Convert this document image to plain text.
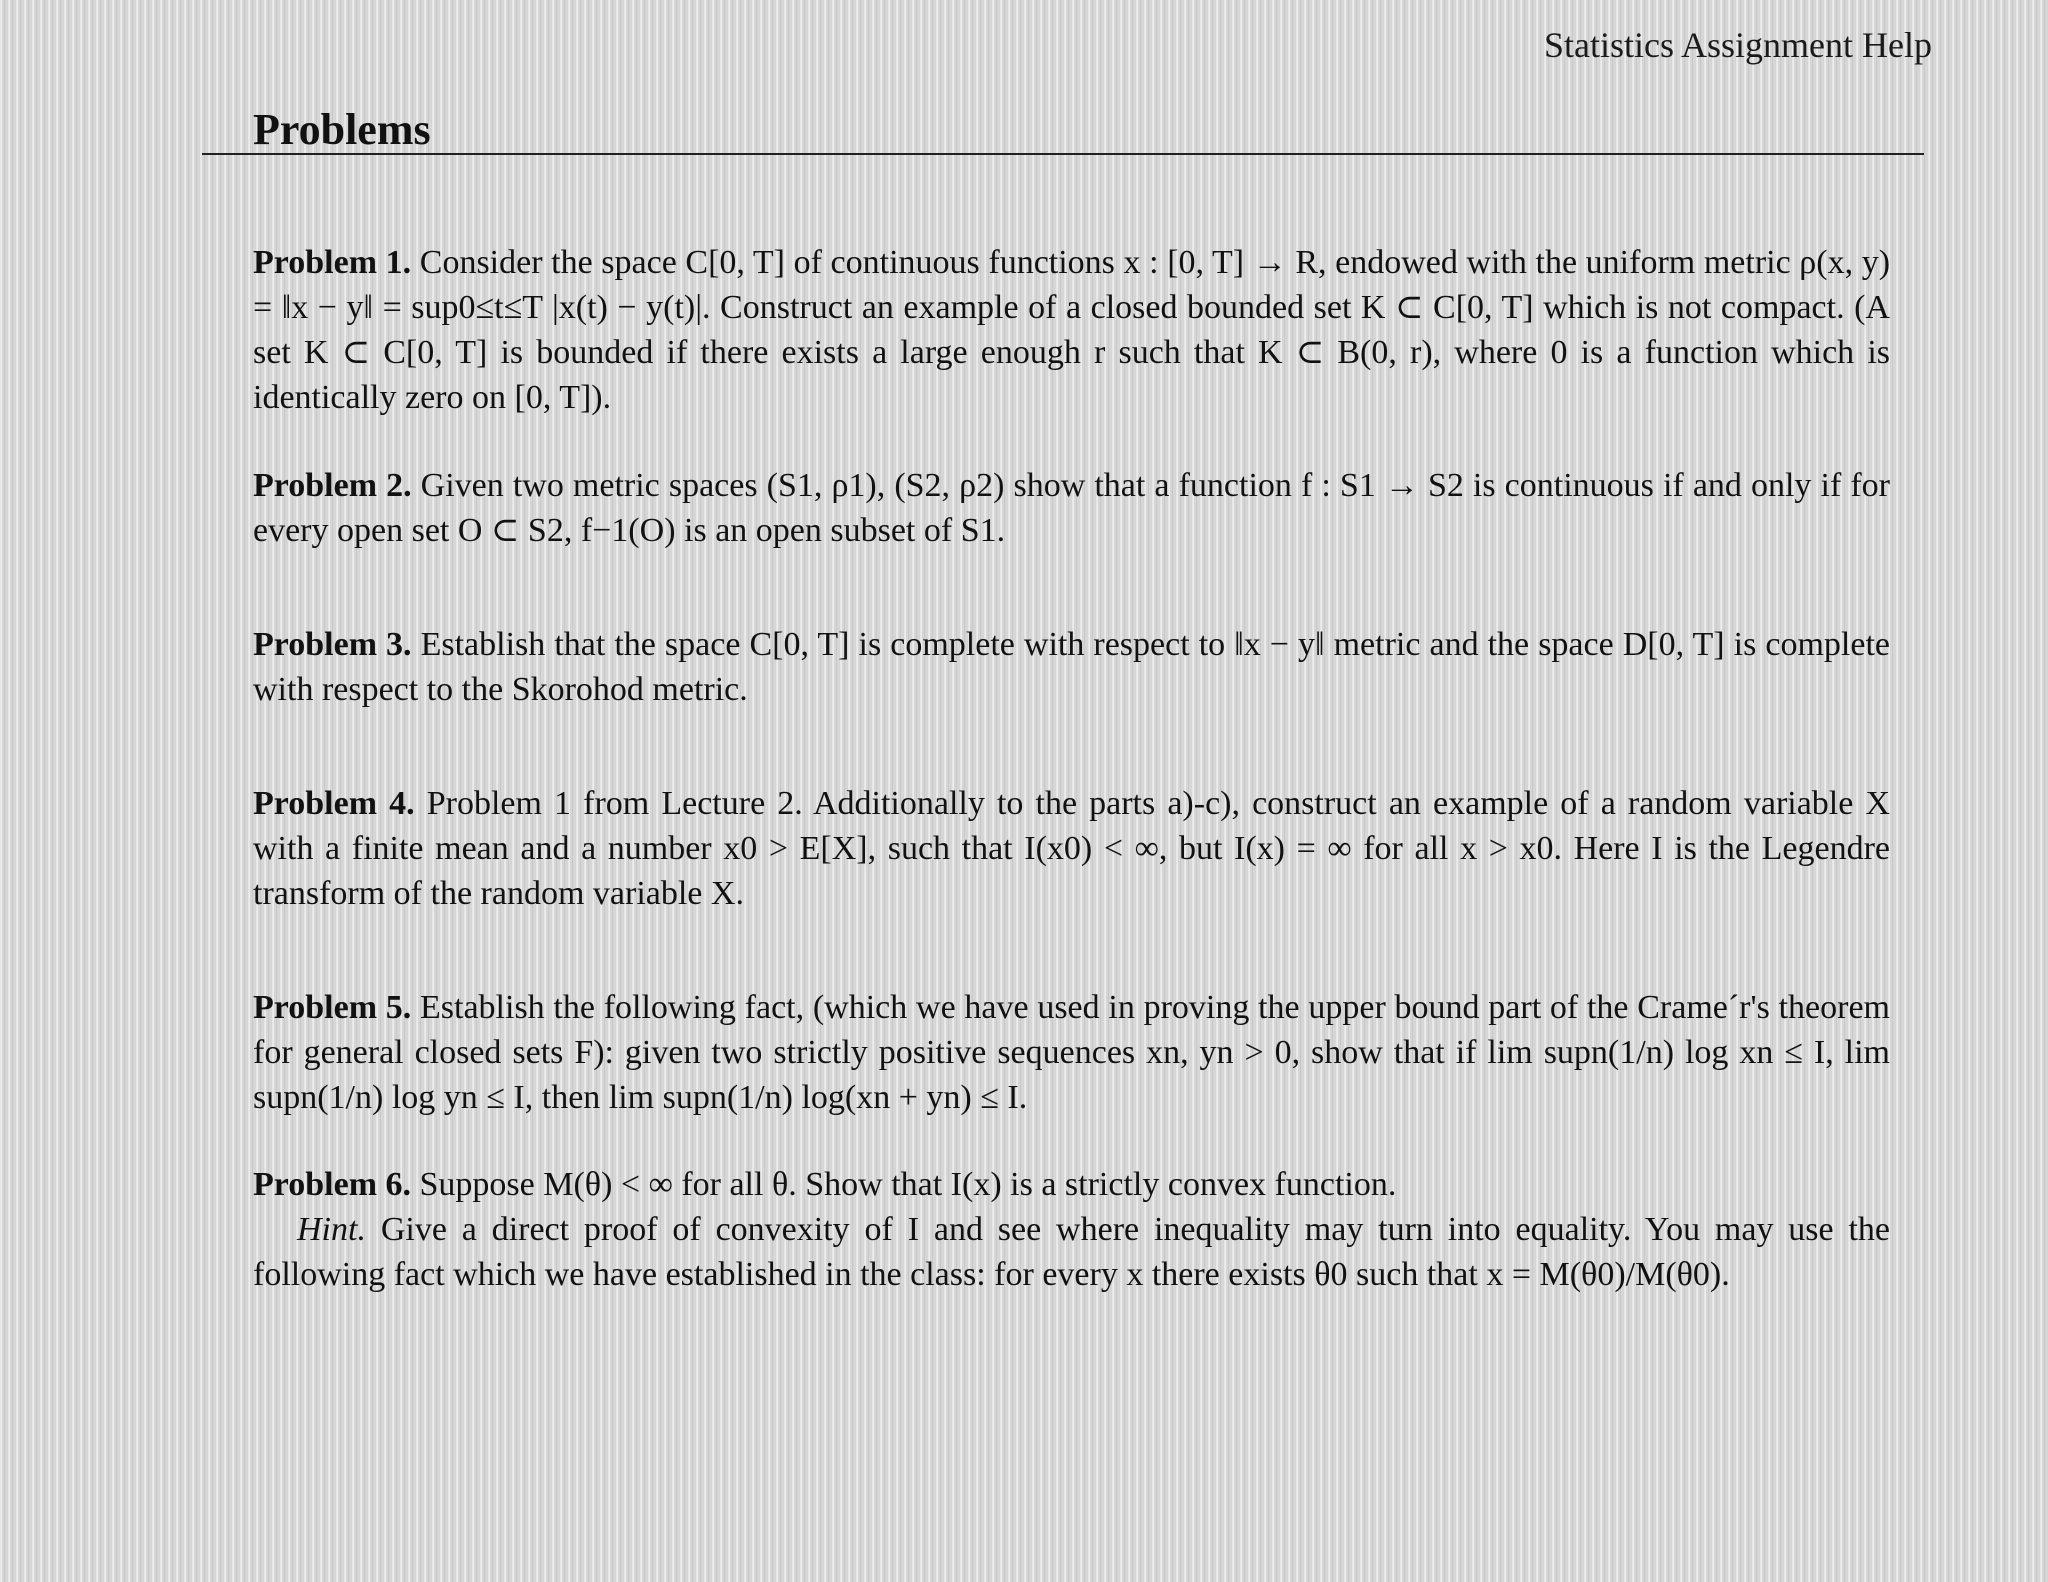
Statistics Assignment Help
Problems
Problem 1. Consider the space C[0, T] of continuous functions x : [0, T] → R, endowed with the uniform metric ρ(x, y) = ‖x − y‖ = sup0≤t≤T |x(t) − y(t)|. Construct an example of a closed bounded set K ⊂ C[0, T] which is not compact. (A set K ⊂ C[0, T] is bounded if there exists a large enough r such that K ⊂ B(0, r), where 0 is a function which is identically zero on [0, T]).
Problem 2. Given two metric spaces (S1, ρ1), (S2, ρ2) show that a function f : S1 → S2 is continuous if and only if for every open set O ⊂ S2, f−1(O) is an open subset of S1.
Problem 3. Establish that the space C[0, T] is complete with respect to ‖x − y‖ metric and the space D[0, T] is complete with respect to the Skorohod metric.
Problem 4. Problem 1 from Lecture 2. Additionally to the parts a)-c), construct an example of a random variable X with a finite mean and a number x0 > E[X], such that I(x0) < ∞, but I(x) = ∞ for all x > x0. Here I is the Legendre transform of the random variable X.
Problem 5. Establish the following fact, (which we have used in proving the upper bound part of the Crame´r's theorem for general closed sets F): given two strictly positive sequences xn, yn > 0, show that if lim supn(1/n) log xn ≤ I, lim supn(1/n) log yn ≤ I, then lim supn(1/n) log(xn + yn) ≤ I.
Problem 6. Suppose M(θ) < ∞ for all θ. Show that I(x) is a strictly convex function.
Hint. Give a direct proof of convexity of I and see where inequality may turn into equality. You may use the following fact which we have established in the class: for every x there exists θ0 such that x = M(θ0)/M(θ0).
